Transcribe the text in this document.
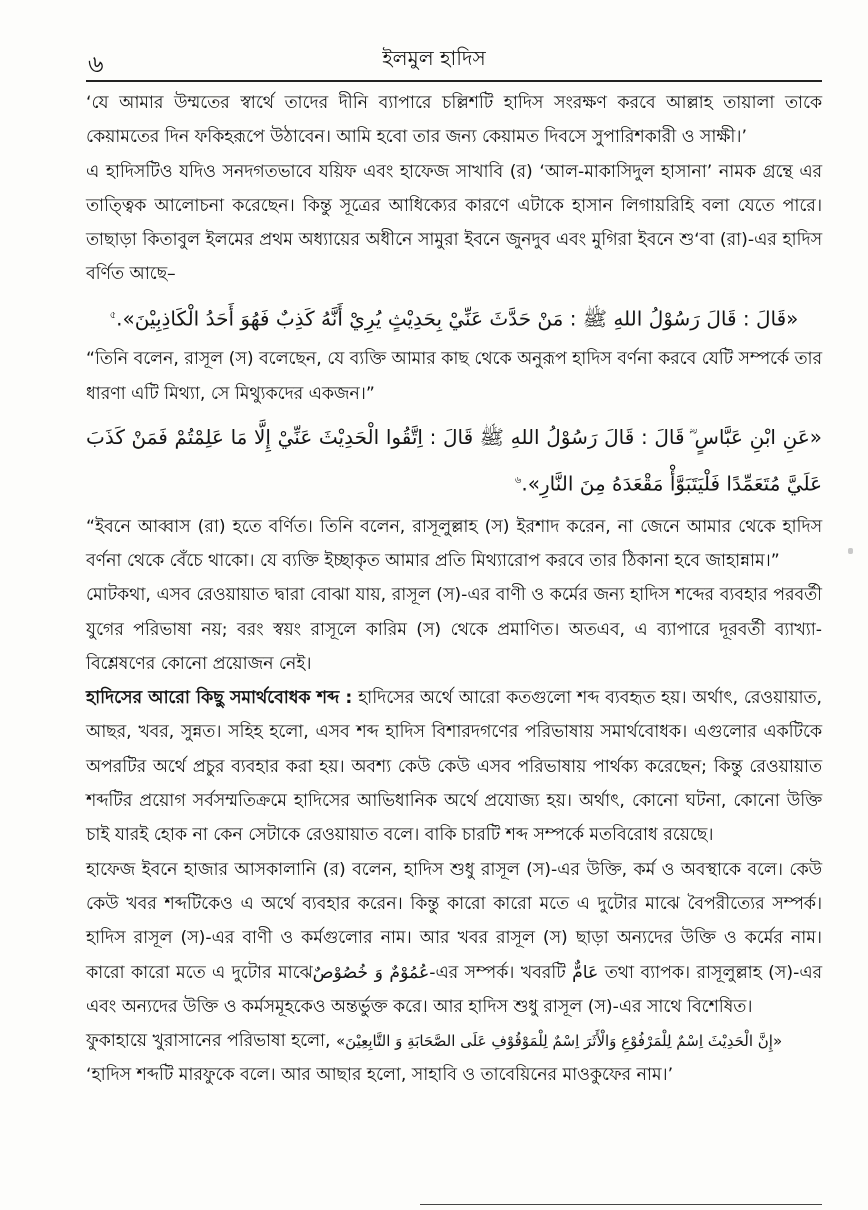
৬	ইলমুল হাদিস

‘যে আমার উম্মতের স্বার্থে তাদের দীনি ব্যাপারে চল্লিশটি হাদিস সংরক্ষণ করবে আল্লাহ তায়ালা তাকে কেয়ামতের দিন ফকিহরূপে উঠাবেন। আমি হবো তার জন্য কেয়ামত দিবসে সুপারিশকারী ও সাক্ষী।’

এ হাদিসটিও যদিও সনদগতভাবে যয়িফ এবং হাফেজ সাখাবি (র) ‘আল-মাকাসিদুল হাসানা’ নামক গ্রন্থে এর তাত্ত্বিক আলোচনা করেছেন। কিন্তু সূত্রের আধিক্যের কারণে এটাকে হাসান লিগায়রিহি বলা যেতে পারে। তাছাড়া কিতাবুল ইলমের প্রথম অধ্যায়ের অধীনে সামুরা ইবনে জুনদুব এবং মুগিরা ইবনে শু‘বা (রা)-এর হাদিস বর্ণিত আছে–

«قَالَ : قَالَ رَسُوْلُ اللهِ ﷺ : مَنْ حَدَّثَ عَنِّيْ بِحَدِيْثٍ يُرِيْ أَنَّهُ كَذِبٌ فَهُوَ أَحَدُ الْكَاذِبِيْنَ».$^৫$

“তিনি বলেন, রাসূল (স) বলেছেন, যে ব্যক্তি আমার কাছ থেকে অনুরূপ হাদিস বর্ণনা করবে যেটি সম্পর্কে তার ধারণা এটি মিথ্যা, সে মিথ্যুকদের একজন।”

«عَنِ ابْنِ عَبَّاسٍ ؓ قَالَ : قَالَ رَسُوْلُ اللهِ ﷺ قَالَ : اِتَّقُوا الْحَدِيْثَ عَنِّيْ إِلَّا مَا عَلِمْتُمْ فَمَنْ كَذَبَ عَلَيَّ مُتَعَمِّدًا فَلْيَتَبَوَّأْ مَقْعَدَهُ مِنَ النَّارِ».$^৬$

“ইবনে আব্বাস (রা) হতে বর্ণিত। তিনি বলেন, রাসূলুল্লাহ (স) ইরশাদ করেন, না জেনে আমার থেকে হাদিস বর্ণনা থেকে বেঁচে থাকো। যে ব্যক্তি ইচ্ছাকৃত আমার প্রতি মিথ্যারোপ করবে তার ঠিকানা হবে জাহান্নাম।”

মোটকথা, এসব রেওয়ায়াত দ্বারা বোঝা যায়, রাসূল (স)-এর বাণী ও কর্মের জন্য হাদিস শব্দের ব্যবহার পরবর্তী যুগের পরিভাষা নয়; বরং স্বয়ং রাসূলে কারিম (স) থেকে প্রমাণিত। অতএব, এ ব্যাপারে দূরবর্তী ব্যাখ্যা-বিশ্লেষণের কোনো প্রয়োজন নেই।

হাদিসের আরো কিছু সমার্থবোধক শব্দ : হাদিসের অর্থে আরো কতগুলো শব্দ ব্যবহৃত হয়। অর্থাৎ, রেওয়ায়াত, আছর, খবর, সুন্নত। সহিহ হলো, এসব শব্দ হাদিস বিশারদগণের পরিভাষায় সমার্থবোধক। এগুলোর একটিকে অপরটির অর্থে প্রচুর ব্যবহার করা হয়। অবশ্য কেউ কেউ এসব পরিভাষায় পার্থক্য করেছেন; কিন্তু রেওয়ায়াত শব্দটির প্রয়োগ সর্বসম্মতিক্রমে হাদিসের আভিধানিক অর্থে প্রযোজ্য হয়। অর্থাৎ, কোনো ঘটনা, কোনো উক্তি চাই যারই হোক না কেন সেটাকে রেওয়ায়াত বলে। বাকি চারটি শব্দ সম্পর্কে মতবিরোধ রয়েছে।

হাফেজ ইবনে হাজার আসকালানি (র) বলেন, হাদিস শুধু রাসূল (স)-এর উক্তি, কর্ম ও অবস্থাকে বলে। কেউ কেউ খবর শব্দটিকেও এ অর্থে ব্যবহার করেন। কিন্তু কারো কারো মতে এ দুটোর মাঝে বৈপরীত্যের সম্পর্ক। হাদিস রাসূল (স)-এর বাণী ও কর্মগুলোর নাম। আর খবর রাসূল (স) ছাড়া অন্যদের উক্তি ও কর্মের নাম। কারো কারো মতে এ দুটোর মাঝেعُمُوْمٌ وَ خُصُوْصٌ-এর সম্পর্ক। খবরটি عَامٌّ তথা ব্যাপক। রাসূলুল্লাহ (স)-এর এবং অন্যদের উক্তি ও কর্মসমূহকেও অন্তর্ভুক্ত করে। আর হাদিস শুধু রাসূল (স)-এর সাথে বিশেষিত।

ফুকাহায়ে খুরাসানের পরিভাষা হলো, «إِنَّ الْحَدِيْثَ اِسْمٌ لِلْمَرْفُوْعِ وَالْأَثَرَ اِسْمٌ لِلْمَوْقُوْفِ عَلَى الصَّحَابَةِ وَ التَّابِعِيْنَ»

‘হাদিস শব্দটি মারফুকে বলে। আর আছার হলো, সাহাবি ও তাবেয়িনের মাওকুফের নাম।’
